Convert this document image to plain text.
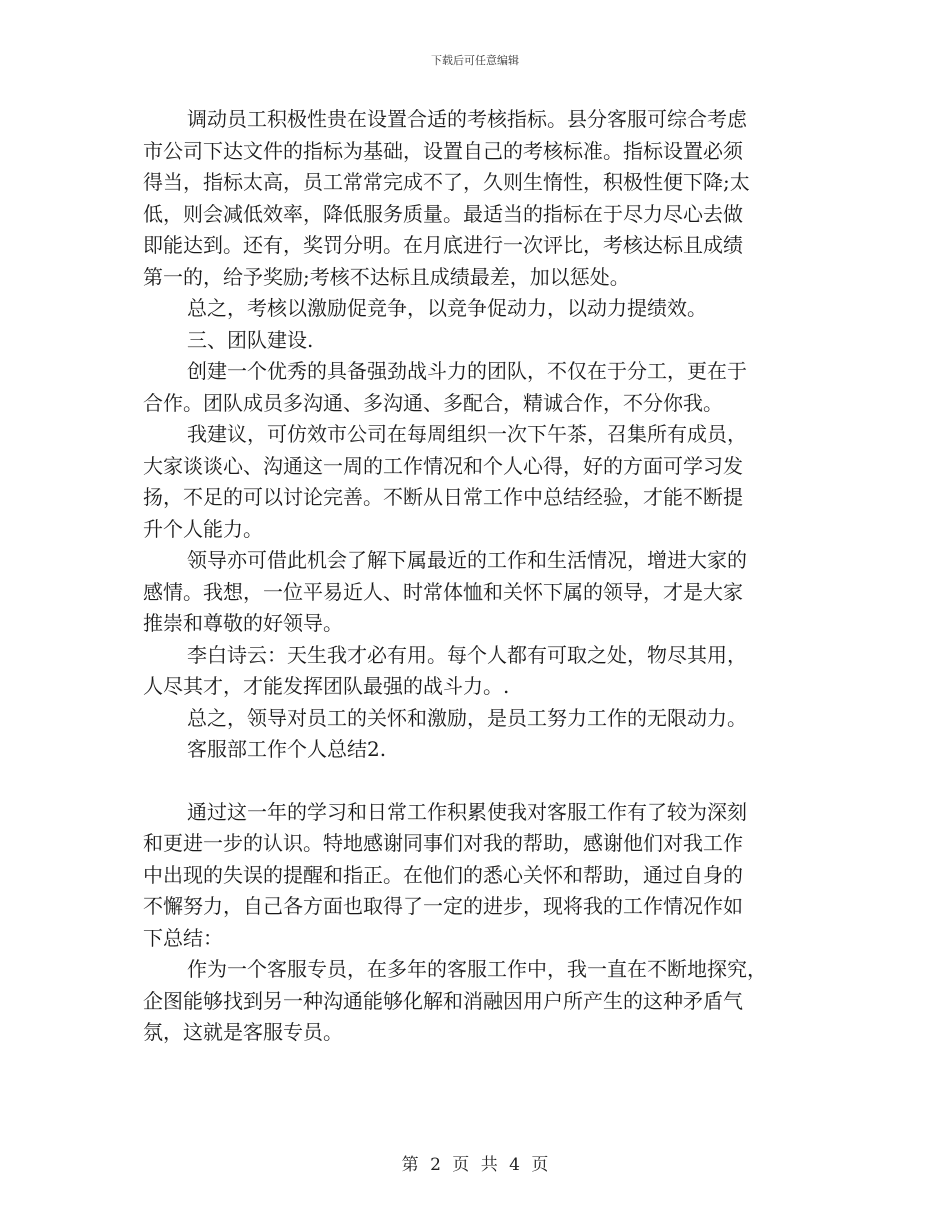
下载后可任意编辑
调动员工积极性贵在设置合适的考核指标。县分客服可综合考虑
市公司下达文件的指标为基础，设置自己的考核标准。指标设置必须
得当，指标太高，员工常常完成不了，久则生惰性，积极性便下降;太
低，则会减低效率，降低服务质量。最适当的指标在于尽力尽心去做
即能达到。还有，奖罚分明。在月底进行一次评比，考核达标且成绩
第一的，给予奖励;考核不达标且成绩最差，加以惩处。
总之，考核以激励促竞争，以竞争促动力，以动力提绩效。
三、团队建设.
创建一个优秀的具备强劲战斗力的团队，不仅在于分工，更在于
合作。团队成员多沟通、多沟通、多配合，精诚合作，不分你我。
我建议，可仿效市公司在每周组织一次下午茶，召集所有成员，
大家谈谈心、沟通这一周的工作情况和个人心得，好的方面可学习发
扬，不足的可以讨论完善。不断从日常工作中总结经验，才能不断提
升个人能力。
领导亦可借此机会了解下属最近的工作和生活情况，增进大家的
感情。我想，一位平易近人、时常体恤和关怀下属的领导，才是大家
推崇和尊敬的好领导。
李白诗云：天生我才必有用。每个人都有可取之处，物尽其用，
人尽其才，才能发挥团队最强的战斗力。.
总之，领导对员工的关怀和激励，是员工努力工作的无限动力。
客服部工作个人总结2.
通过这一年的学习和日常工作积累使我对客服工作有了较为深刻
和更进一步的认识。特地感谢同事们对我的帮助，感谢他们对我工作
中出现的失误的提醒和指正。在他们的悉心关怀和帮助，通过自身的
不懈努力，自己各方面也取得了一定的进步，现将我的工作情况作如
下总结：
作为一个客服专员，在多年的客服工作中，我一直在不断地探究，
企图能够找到另一种沟通能够化解和消融因用户所产生的这种矛盾气
氛，这就是客服专员。
第 2 页 共 4 页
